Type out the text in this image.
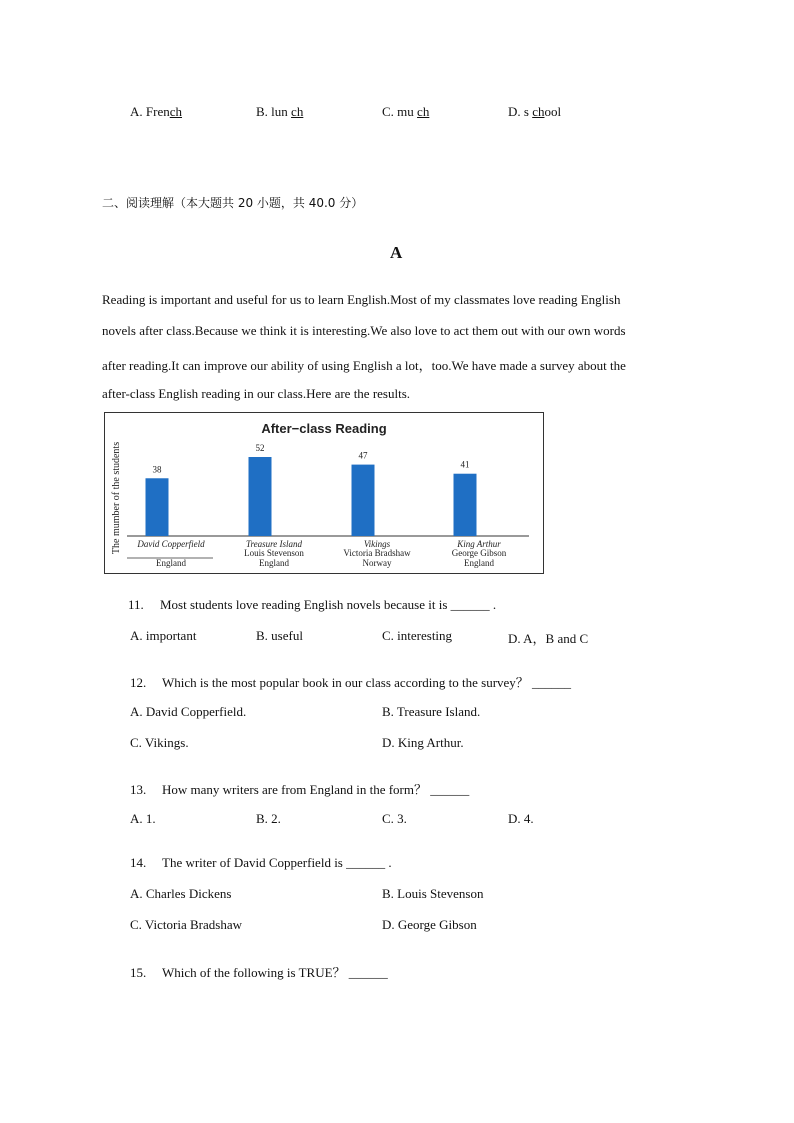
A. French	B. lun ch	C. mu ch	D. s chool
二、阅读理解（本大题共 20 小题，共 40.0 分）
A
Reading is important and useful for us to learn English.Most of my classmates love reading English
novels after class.Because we think it is interesting.We also love to act them out with our own words
after reading.It can improve our ability of using English a lot，too.We have made a survey about the
after-class English reading in our class.Here are the results.
After−class Reading
The mumber of the students	38
David Copperfield
England
52
Treasure Island
Louis Stevenson
England
47
Vikings
Victoria Bradshaw
Norway
41
King Arthur
George Gibson
England
11. Most students love reading English novels because it is ______ .
A. important	B. useful	C. interesting	D. A，B and C
12. Which is the most popular book in our class according to the survey？ ______
A. David Copperfield.	B. Treasure Island.
C. Vikings.	D. King Arthur.
13. How many writers are from England in the form？ ______
A. 1.	B. 2.	C. 3.	D. 4.
14. The writer of David Copperfield is ______ .
A. Charles Dickens	B. Louis Stevenson
C. Victoria Bradshaw	D. George Gibson
15. Which of the following is TRUE？ ______
